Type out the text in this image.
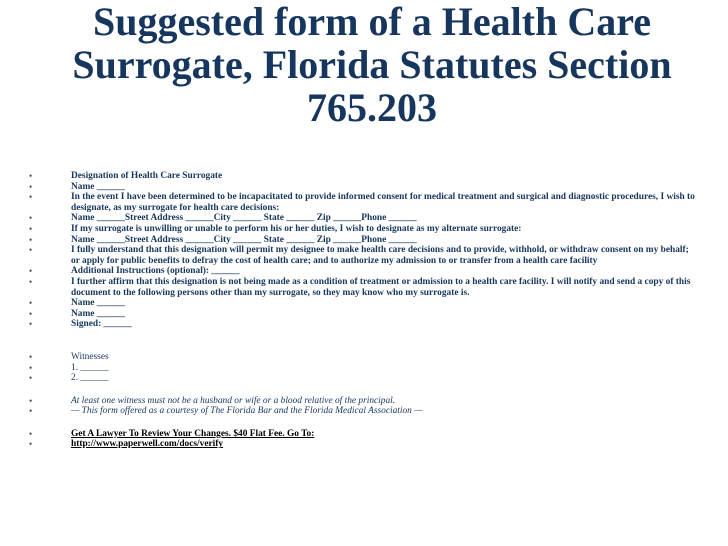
Suggested form of a Health Care Surrogate, Florida Statutes Section 765.203
•	Designation of Health Care Surrogate
•	Name ______
•	In the event I have been determined to be incapacitated to provide informed consent for medical treatment and surgical and diagnostic procedures, I wish to designate, as my surrogate for health care decisions:
•	Name ______Street Address ______City ______ State ______ Zip ______Phone ______
•	If my surrogate is unwilling or unable to perform his or her duties, I wish to designate as my alternate surrogate:
•	Name ______Street Address ______City ______ State ______ Zip ______Phone ______
•	I fully understand that this designation will permit my designee to make health care decisions and to provide, withhold, or withdraw consent on my behalf; or apply for public benefits to defray the cost of health care; and to authorize my admission to or transfer from a health care facility
•	Additional Instructions (optional): ______
•	I further affirm that this designation is not being made as a condition of treatment or admission to a health care facility. I will notify and send a copy of this document to the following persons other than my surrogate, so they may know who my surrogate is.
•	Name ______
•	Name ______
•	Signed: ______
•	Witnesses
•	1. ______
•	2. ______
•	At least one witness must not be a husband or wife or a blood relative of the principal.
•	— This form offered as a courtesy of The Florida Bar and the Florida Medical Association —
•	Get A Lawyer To Review Your Changes. $40 Flat Fee. Go To:
•	http://www.paperwell.com/docs/verify
